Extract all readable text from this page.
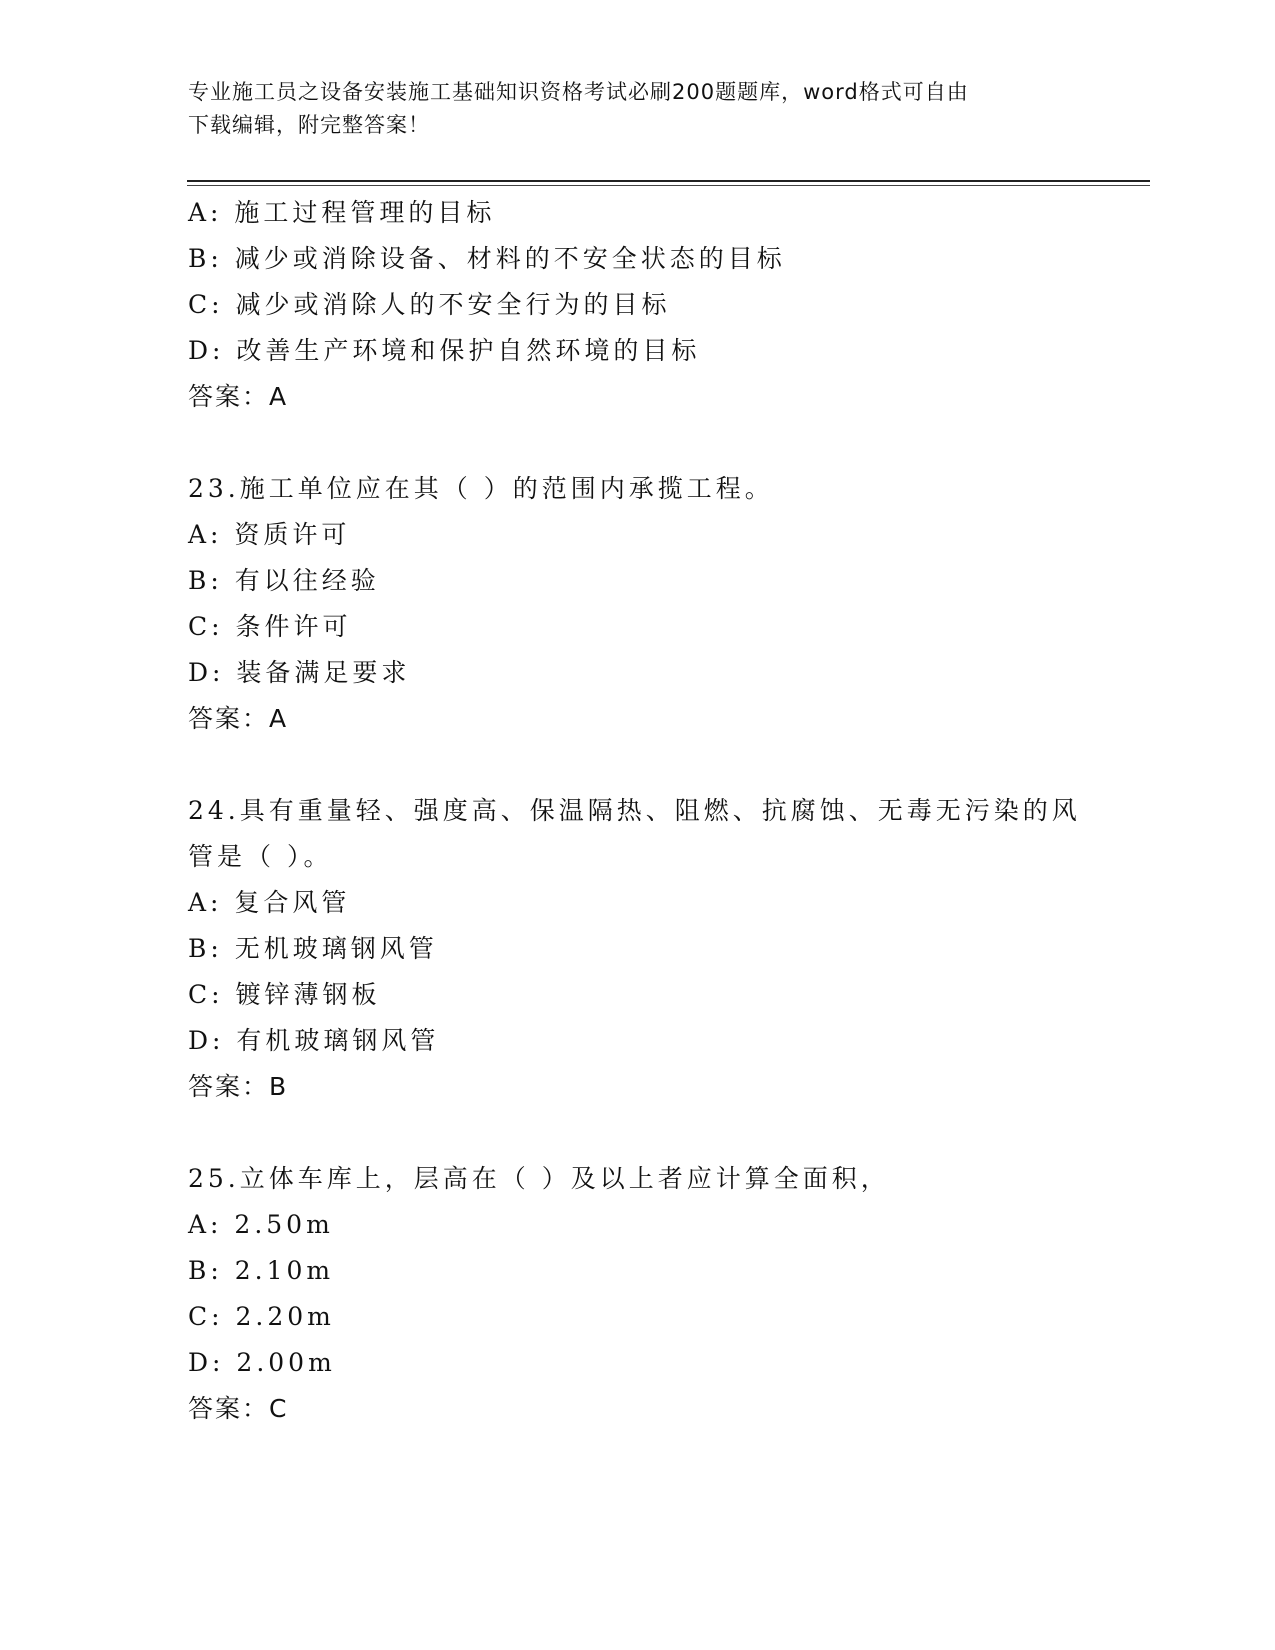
专业施工员之设备安装施工基础知识资格考试必刷200题题库，word格式可自由
下载编辑，附完整答案！
A: 施工过程管理的目标
B: 减少或消除设备、材料的不安全状态的目标
C: 减少或消除人的不安全行为的目标
D: 改善生产环境和保护自然环境的目标
答案：A
23.施工单位应在其（ ）的范围内承揽工程。
A: 资质许可
B: 有以往经验
C: 条件许可
D: 装备满足要求
答案：A
24.具有重量轻、强度高、保温隔热、阻燃、抗腐蚀、无毒无污染的风
管是（ ）。
A: 复合风管
B: 无机玻璃钢风管
C: 镀锌薄钢板
D: 有机玻璃钢风管
答案：B
25.立体车库上，层高在（ ）及以上者应计算全面积，
A: 2.50m
B: 2.10m
C: 2.20m
D: 2.00m
答案：C
